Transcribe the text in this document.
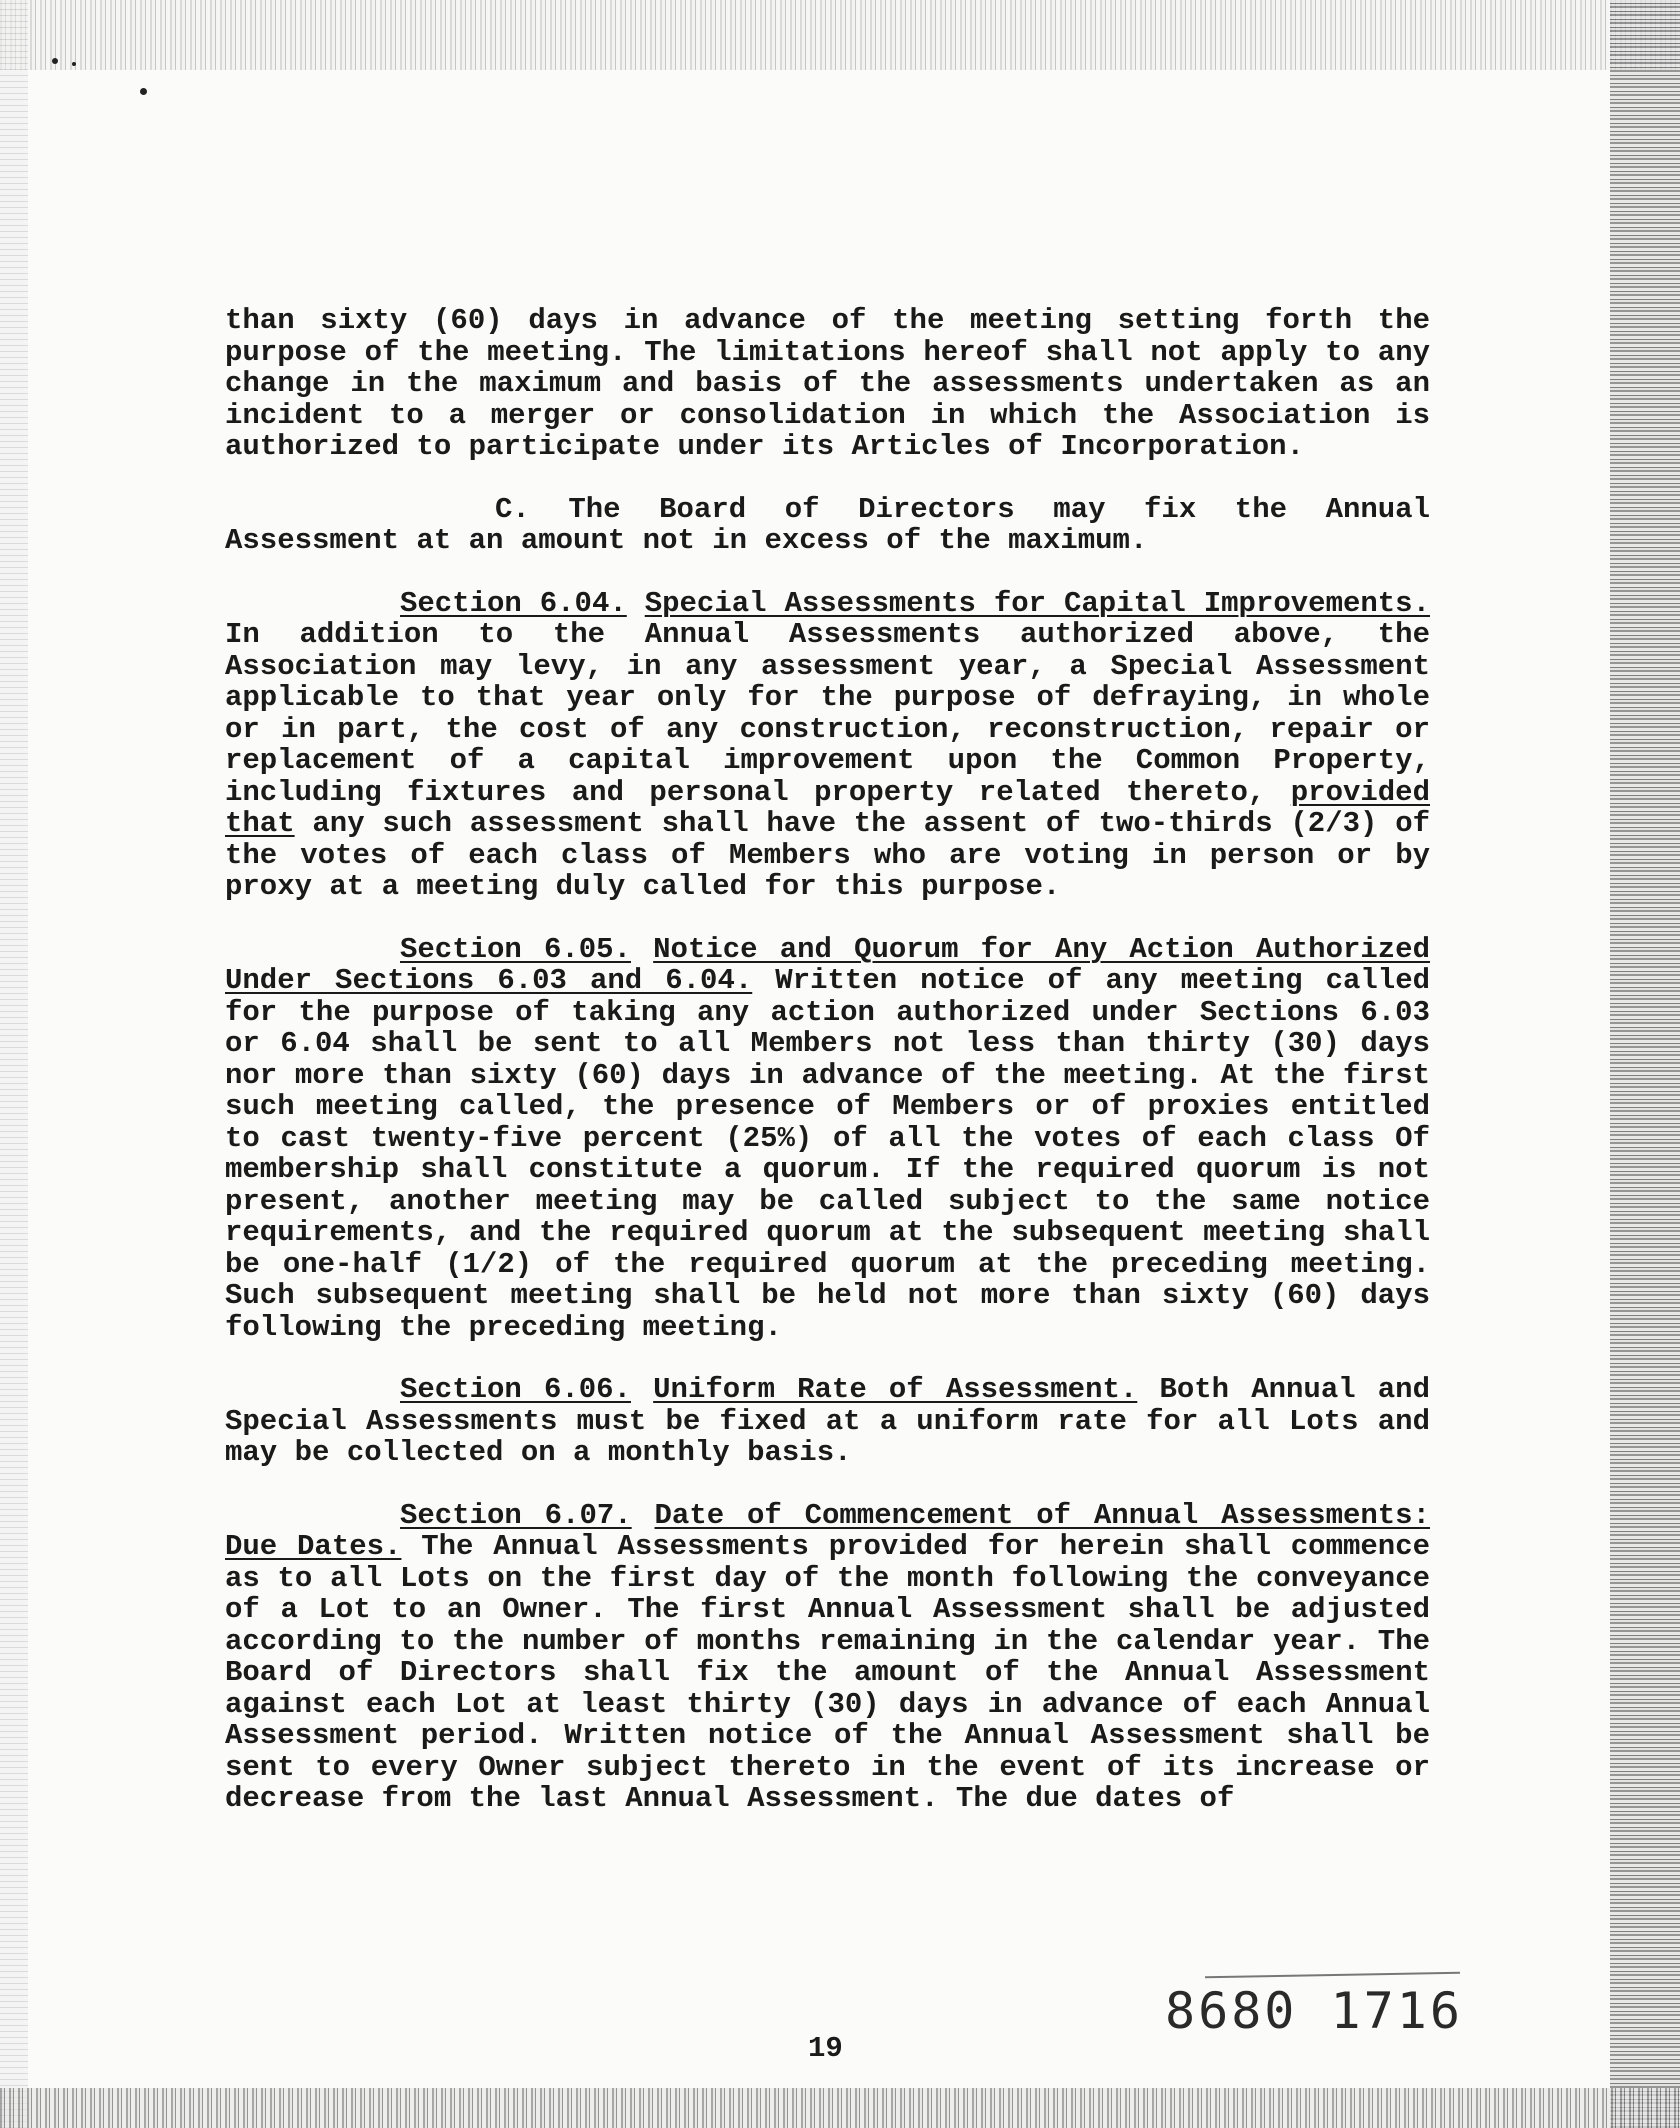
than sixty (60) days in advance of the meeting setting forth the purpose of the meeting. The limitations hereof shall not apply to any change in the maximum and basis of the assessments undertaken as an incident to a merger or consolidation in which the Association is authorized to participate under its Articles of Incorporation.

C. The Board of Directors may fix the Annual Assessment at an amount not in excess of the maximum.

Section 6.04. Special Assessments for Capital Improvements. In addition to the Annual Assessments authorized above, the Association may levy, in any assessment year, a Special Assessment applicable to that year only for the purpose of defraying, in whole or in part, the cost of any construction, reconstruction, repair or replacement of a capital improvement upon the Common Property, including fixtures and personal property related thereto, provided that any such assessment shall have the assent of two-thirds (2/3) of the votes of each class of Members who are voting in person or by proxy at a meeting duly called for this purpose.

Section 6.05. Notice and Quorum for Any Action Authorized Under Sections 6.03 and 6.04. Written notice of any meeting called for the purpose of taking any action authorized under Sections 6.03 or 6.04 shall be sent to all Members not less than thirty (30) days nor more than sixty (60) days in advance of the meeting. At the first such meeting called, the presence of Members or of proxies entitled to cast twenty-five percent (25%) of all the votes of each class Of membership shall constitute a quorum. If the required quorum is not present, another meeting may be called subject to the same notice requirements, and the required quorum at the subsequent meeting shall be one-half (1/2) of the required quorum at the preceding meeting. Such subsequent meeting shall be held not more than sixty (60) days following the preceding meeting.

Section 6.06. Uniform Rate of Assessment. Both Annual and Special Assessments must be fixed at a uniform rate for all Lots and may be collected on a monthly basis.

Section 6.07. Date of Commencement of Annual Assessments: Due Dates. The Annual Assessments provided for herein shall commence as to all Lots on the first day of the month following the conveyance of a Lot to an Owner. The first Annual Assessment shall be adjusted according to the number of months remaining in the calendar year. The Board of Directors shall fix the amount of the Annual Assessment against each Lot at least thirty (30) days in advance of each Annual Assessment period. Written notice of the Annual Assessment shall be sent to every Owner subject thereto in the event of its increase or decrease from the last Annual Assessment. The due dates of

8680 1716
19
